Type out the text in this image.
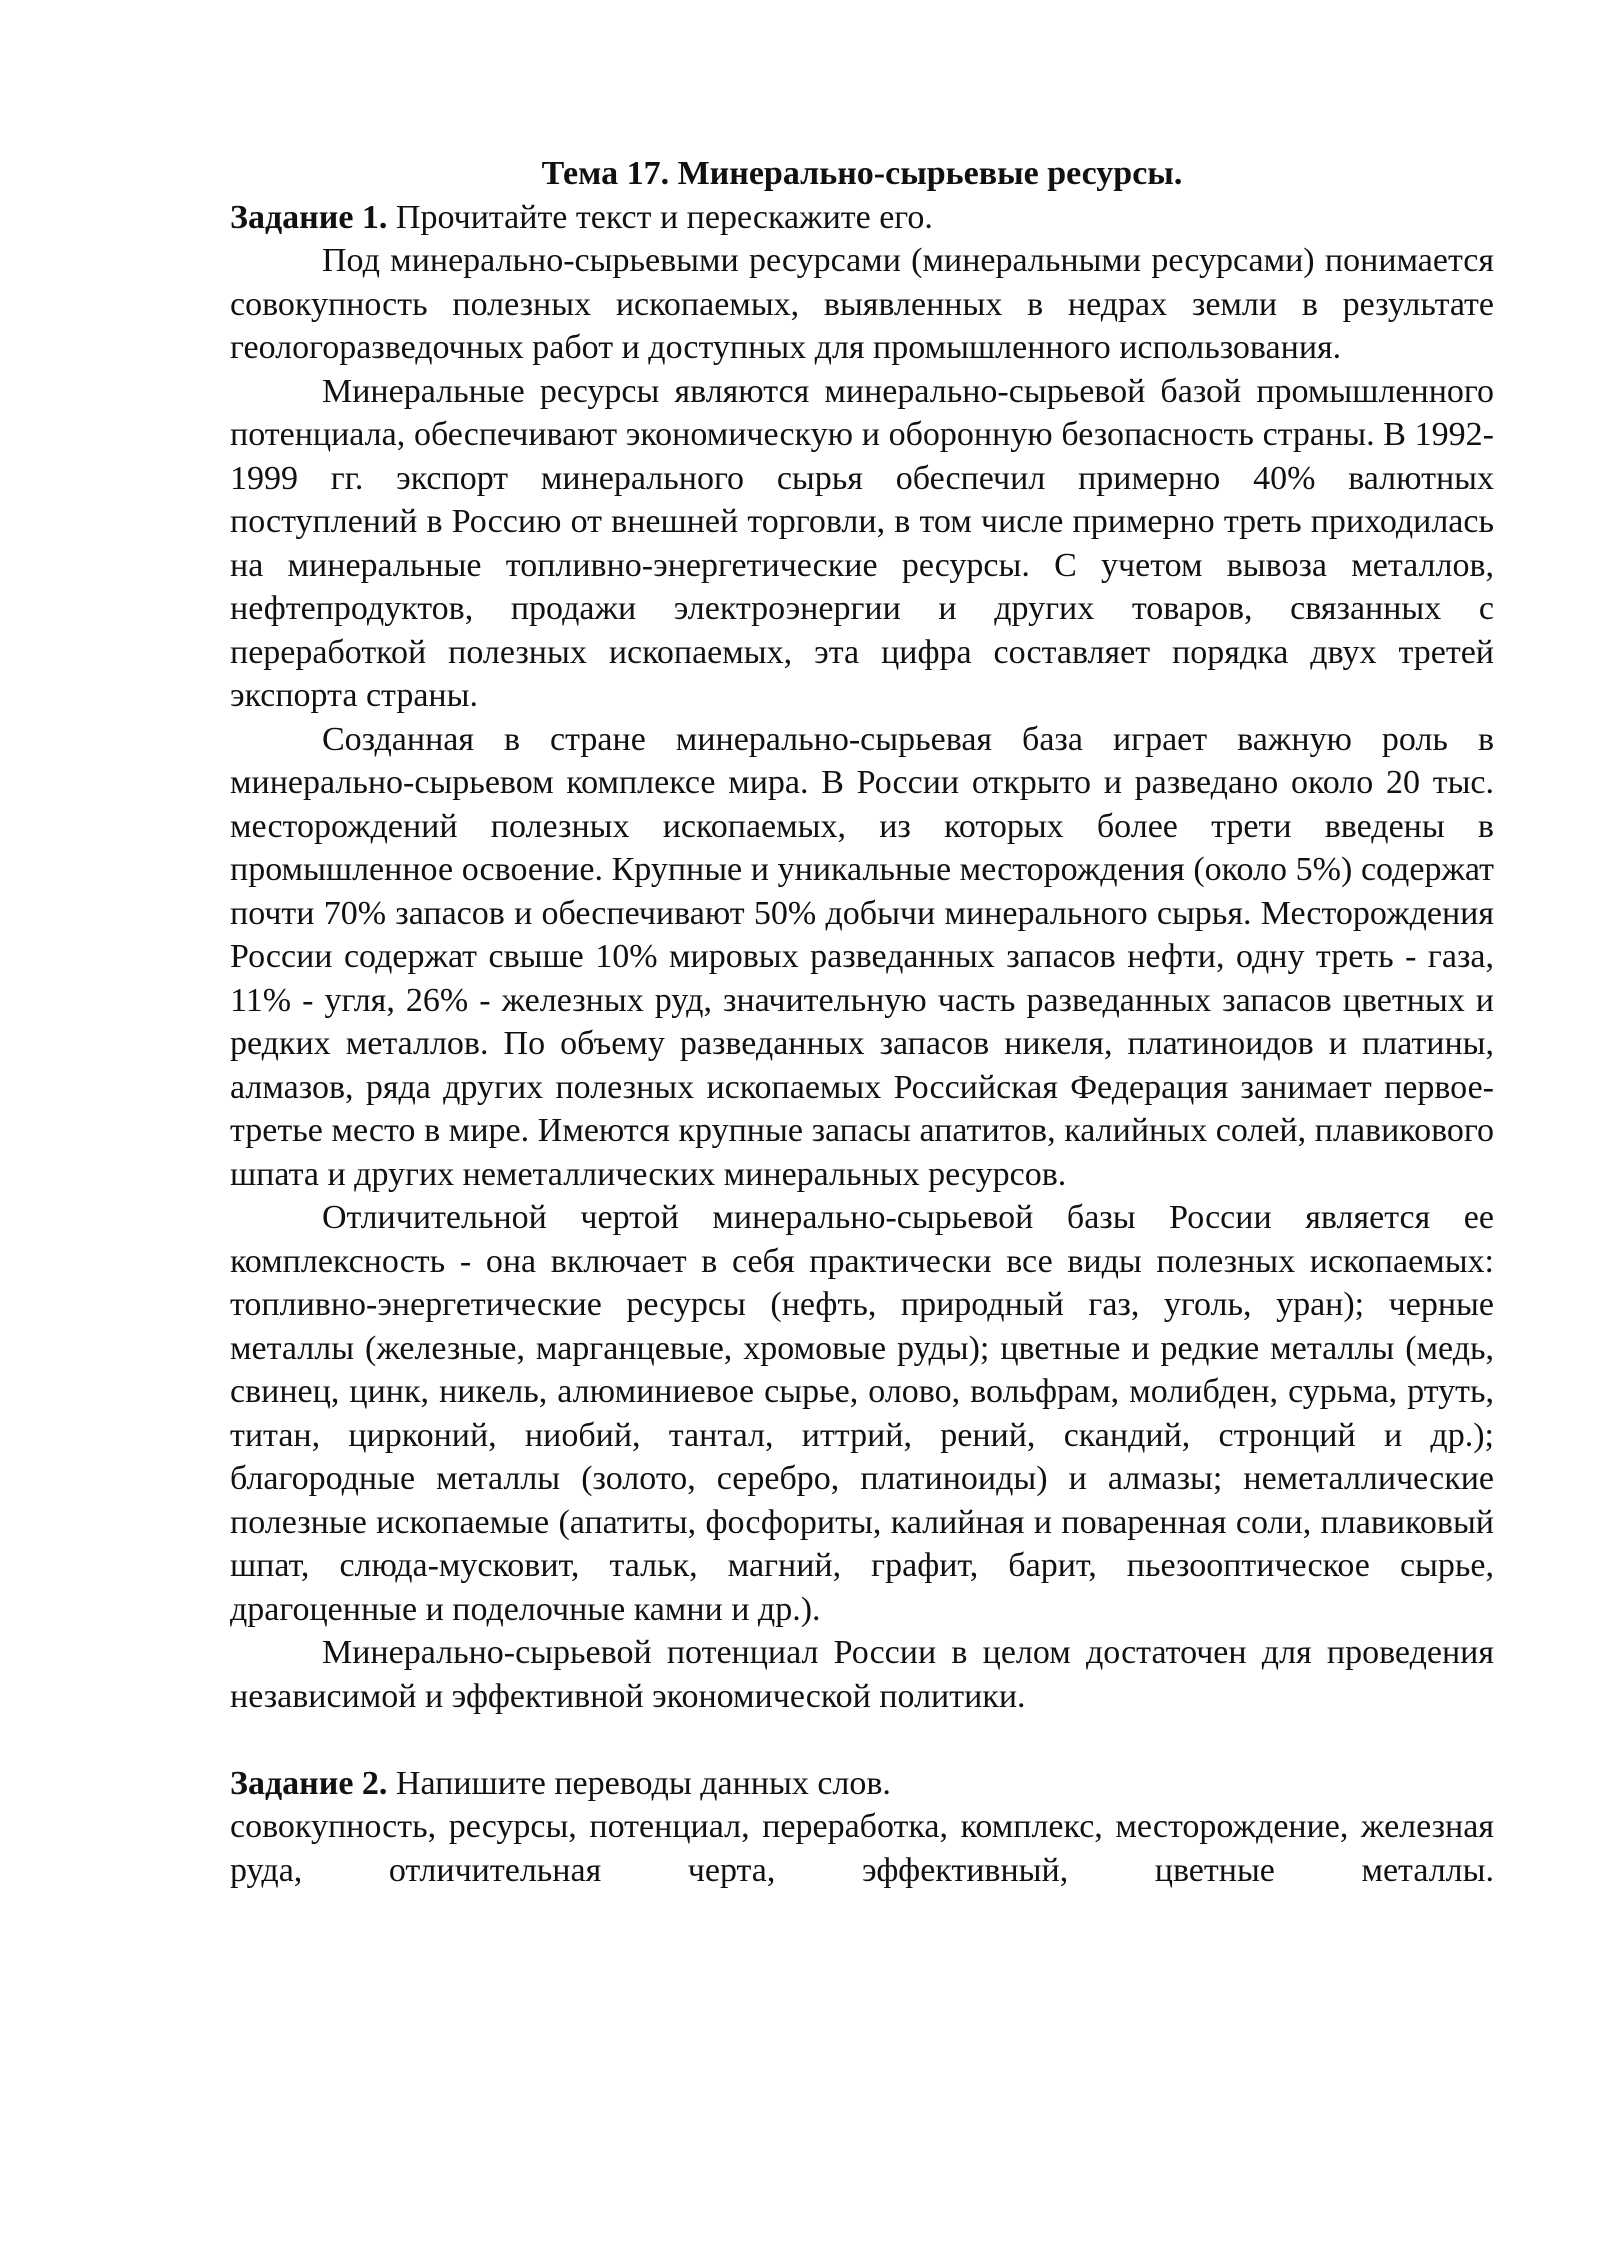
Тема 17. Минерально-сырьевые ресурсы.

Задание 1. Прочитайте текст и перескажите его.

Под минерально-сырьевыми ресурсами (минеральными ресурсами) понимается совокупность полезных ископаемых, выявленных в недрах земли в результате геологоразведочных работ и доступных для промышленного использования.

Минеральные ресурсы являются минерально-сырьевой базой промышленного потенциала, обеспечивают экономическую и оборонную безопасность страны. В 1992-1999 гг. экспорт минерального сырья обеспечил примерно 40% валютных поступлений в Россию от внешней торговли, в том числе примерно треть приходилась на минеральные топливно-энергетические ресурсы. С учетом вывоза металлов, нефтепродуктов, продажи электроэнергии и других товаров, связанных с переработкой полезных ископаемых, эта цифра составляет порядка двух третей экспорта страны.

Созданная в стране минерально-сырьевая база играет важную роль в минерально-сырьевом комплексе мира. В России открыто и разведано около 20 тыс. месторождений полезных ископаемых, из которых более трети введены в промышленное освоение. Крупные и уникальные месторождения (около 5%) содержат почти 70% запасов и обеспечивают 50% добычи минерального сырья. Месторождения России содержат свыше 10% мировых разведанных запасов нефти, одну треть - газа, 11% - угля, 26% - железных руд, значительную часть разведанных запасов цветных и редких металлов. По объему разведанных запасов никеля, платиноидов и платины, алмазов, ряда других полезных ископаемых Российская Федерация занимает первое-третье место в мире. Имеются крупные запасы апатитов, калийных солей, плавикового шпата и других неметаллических минеральных ресурсов.

Отличительной чертой минерально-сырьевой базы России является ее комплексность - она включает в себя практически все виды полезных ископаемых: топливно-энергетические ресурсы (нефть, природный газ, уголь, уран); черные металлы (железные, марганцевые, хромовые руды); цветные и редкие металлы (медь, свинец, цинк, никель, алюминиевое сырье, олово, вольфрам, молибден, сурьма, ртуть, титан, цирконий, ниобий, тантал, иттрий, рений, скандий, стронций и др.); благородные металлы (золото, серебро, платиноиды) и алмазы; неметаллические полезные ископаемые (апатиты, фосфориты, калийная и поваренная соли, плавиковый шпат, слюда-мусковит, тальк, магний, графит, барит, пьезооптическое сырье, драгоценные и поделочные камни и др.).

Минерально-сырьевой потенциал России в целом достаточен для проведения независимой и эффективной экономической политики.

Задание 2. Напишите переводы данных слов.

совокупность, ресурсы, потенциал, переработка, комплекс, месторождение, железная руда, отличительная черта, эффективный, цветные металлы.
